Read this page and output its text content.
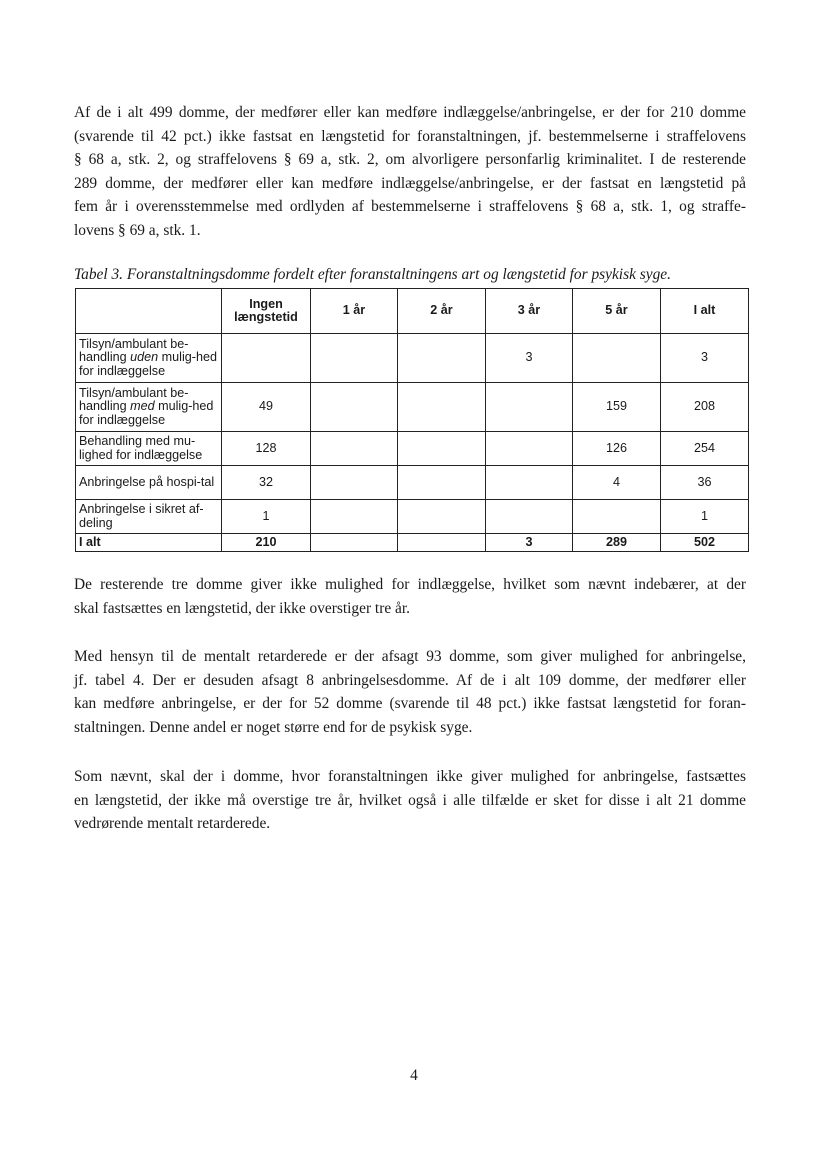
Af de i alt 499 domme, der medfører eller kan medføre indlæggelse/anbringelse, er der for 210 domme
(svarende til 42 pct.) ikke fastsat en længstetid for foranstaltningen, jf. bestemmelserne i straffelovens
§ 68 a, stk. 2, og straffelovens § 69 a, stk. 2, om alvorligere personfarlig kriminalitet. I de resterende
289 domme, der medfører eller kan medføre indlæggelse/anbringelse, er der fastsat en længstetid på
fem år i overensstemmelse med ordlyden af bestemmelserne i straffelovens § 68 a, stk. 1, og straffe-
lovens § 69 a, stk. 1.

Tabel 3. Foranstaltningsdomme fordelt efter foranstaltningens art og længstetid for psykisk syge.
	Ingen længstetid	1 år	2 år	3 år	5 år	I alt
Tilsyn/ambulant be-handling uden mulig-hed for indlæggelse				3		3
Tilsyn/ambulant be-handling med mulig-hed for indlæggelse	49				159	208
Behandling med mu-lighed for indlæggelse	128				126	254
Anbringelse på hospi-tal	32				4	36
Anbringelse i sikret af-deling	1					1
I alt	210			3	289	502

De resterende tre domme giver ikke mulighed for indlæggelse, hvilket som nævnt indebærer, at der
skal fastsættes en længstetid, der ikke overstiger tre år.

Med hensyn til de mentalt retarderede er der afsagt 93 domme, som giver mulighed for anbringelse,
jf. tabel 4. Der er desuden afsagt 8 anbringelsesdomme. Af de i alt 109 domme, der medfører eller
kan medføre anbringelse, er der for 52 domme (svarende til 48 pct.) ikke fastsat længstetid for foran-
staltningen. Denne andel er noget større end for de psykisk syge.

Som nævnt, skal der i domme, hvor foranstaltningen ikke giver mulighed for anbringelse, fastsættes
en længstetid, der ikke må overstige tre år, hvilket også i alle tilfælde er sket for disse i alt 21 domme
vedrørende mentalt retarderede.

4
